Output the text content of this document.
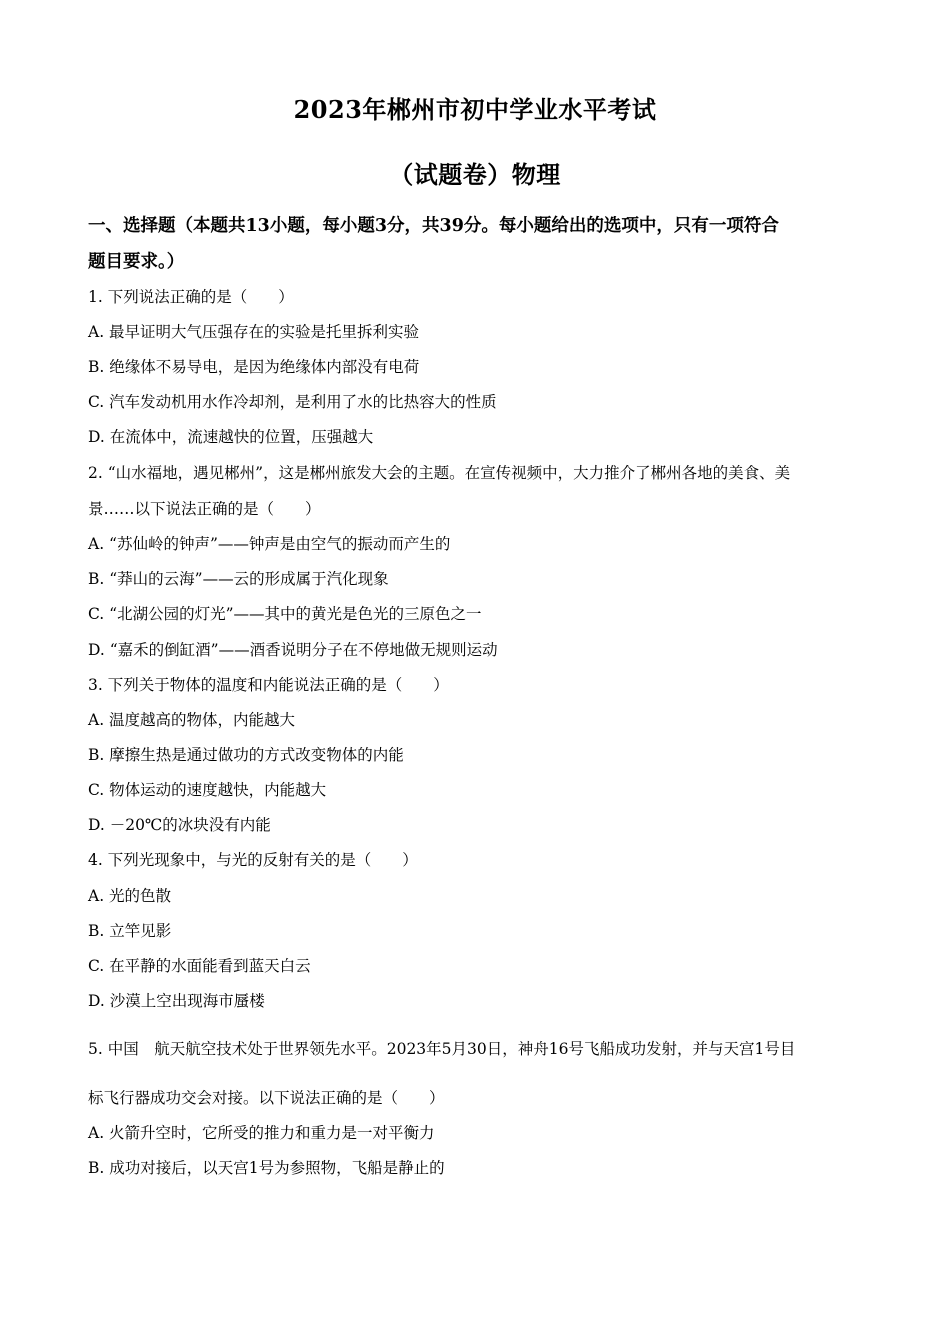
2023年郴州市初中学业水平考试
（试题卷）物理
一、选择题（本题共13小题，每小题3分，共39分。每小题给出的选项中，只有一项符合
题目要求。）
1. 下列说法正确的是（　　）
A. 最早证明大气压强存在的实验是托里拆利实验
B. 绝缘体不易导电，是因为绝缘体内部没有电荷
C. 汽车发动机用水作冷却剂，是利用了水的比热容大的性质
D. 在流体中，流速越快的位置，压强越大
2. “山水福地，遇见郴州”，这是郴州旅发大会的主题。在宣传视频中，大力推介了郴州各地的美食、美
景……以下说法正确的是（　　）
A. “苏仙岭的钟声”——钟声是由空气的振动而产生的
B. “莽山的云海”——云的形成属于汽化现象
C. “北湖公园的灯光”——其中的黄光是色光的三原色之一
D. “嘉禾的倒缸酒”——酒香说明分子在不停地做无规则运动
3. 下列关于物体的温度和内能说法正确的是（　　）
A. 温度越高的物体，内能越大
B. 摩擦生热是通过做功的方式改变物体的内能
C. 物体运动的速度越快，内能越大
D. －20℃的冰块没有内能
4. 下列光现象中，与光的反射有关的是（　　）
A. 光的色散
B. 立竿见影
C. 在平静的水面能看到蓝天白云
D. 沙漠上空出现海市蜃楼
5. 中国　航天航空技术处于世界领先水平。2023年5月30日，神舟16号飞船成功发射，并与天宫1号目
标飞行器成功交会对接。以下说法正确的是（　　）
A. 火箭升空时，它所受的推力和重力是一对平衡力
B. 成功对接后，以天宫1号为参照物，飞船是静止的
